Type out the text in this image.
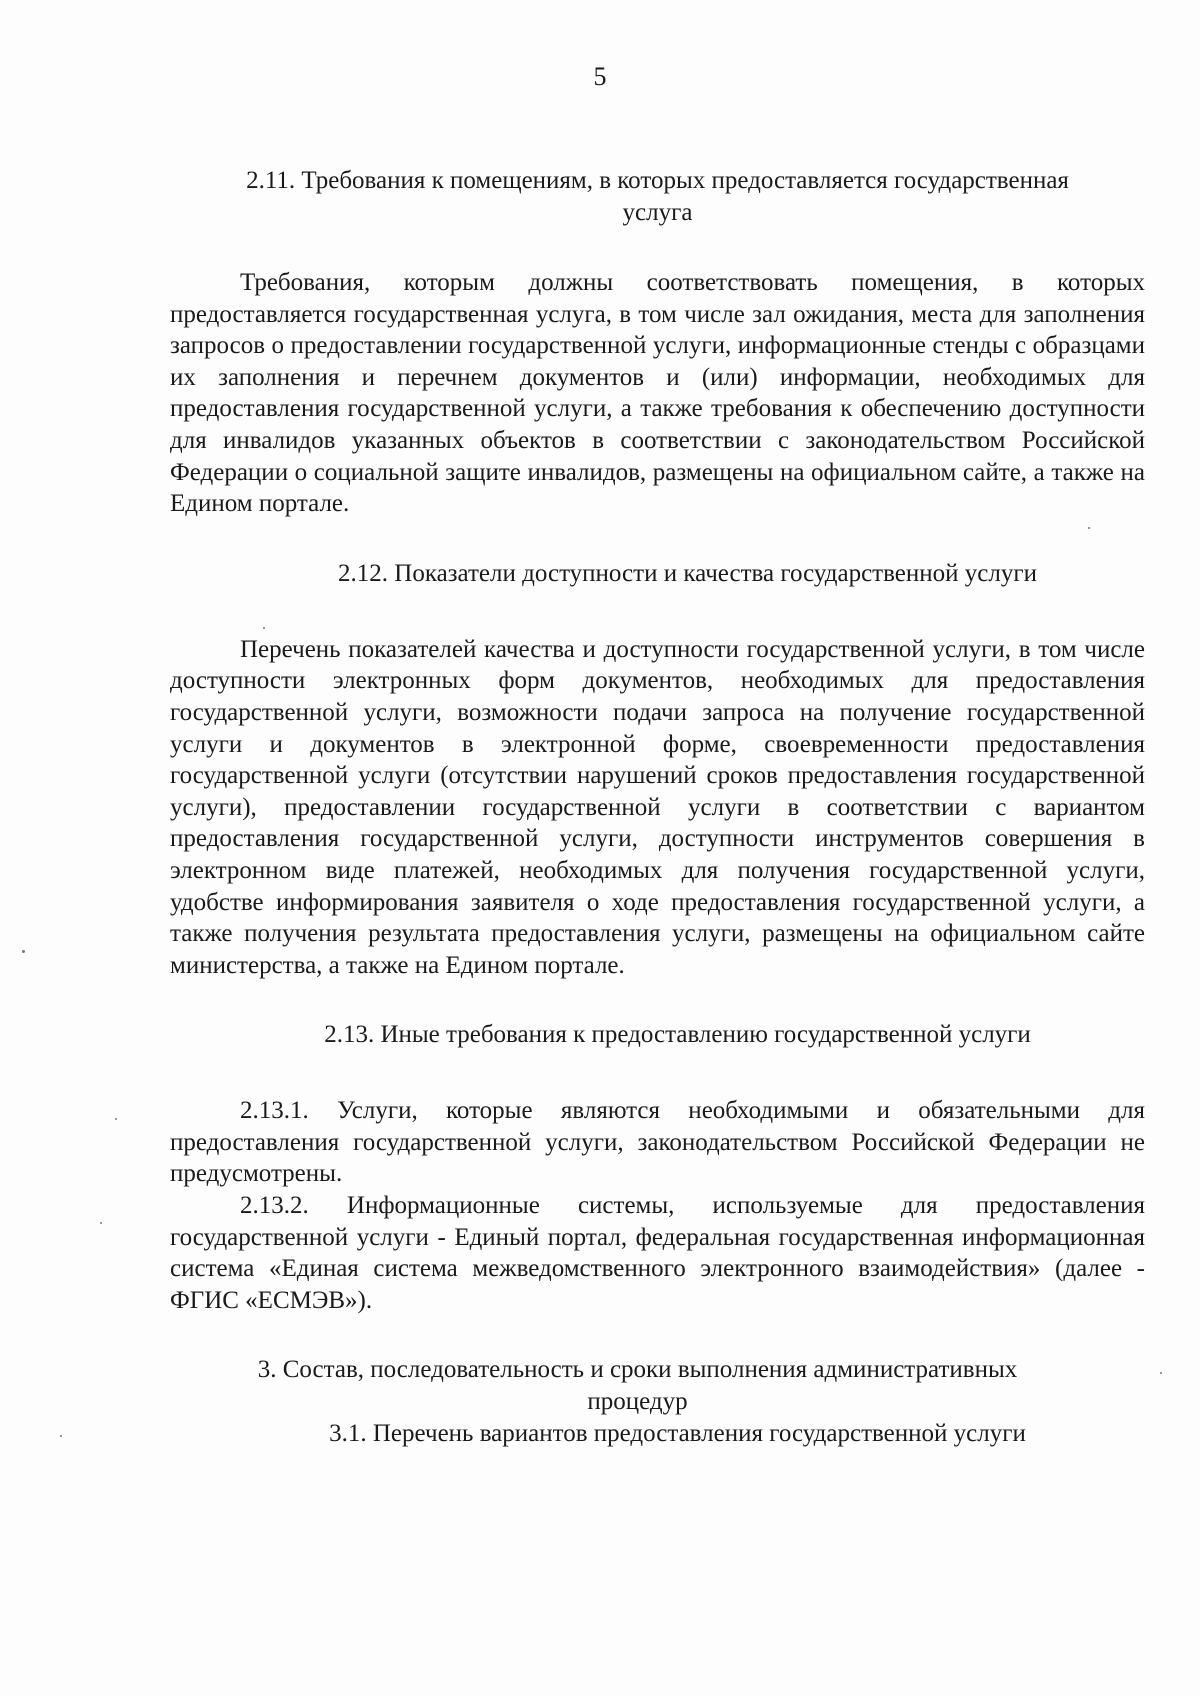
5

2.11. Требования к помещениям, в которых предоставляется государственная услуга

Требования, которым должны соответствовать помещения, в которых предоставляется государственная услуга, в том числе зал ожидания, места для заполнения запросов о предоставлении государственной услуги, информационные стенды с образцами их заполнения и перечнем документов и (или) информации, необходимых для предоставления государственной услуги, а также требования к обеспечению доступности для инвалидов указанных объектов в соответствии с законодательством Российской Федерации о социальной защите инвалидов, размещены на официальном сайте, а также на Едином портале.

2.12. Показатели доступности и качества государственной услуги

Перечень показателей качества и доступности государственной услуги, в том числе доступности электронных форм документов, необходимых для предоставления государственной услуги, возможности подачи запроса на получение государственной услуги и документов в электронной форме, своевременности предоставления государственной услуги (отсутствии нарушений сроков предоставления государственной услуги), предоставлении государственной услуги в соответствии с вариантом предоставления государственной услуги, доступности инструментов совершения в электронном виде платежей, необходимых для получения государственной услуги, удобстве информирования заявителя о ходе предоставления государственной услуги, а также получения результата предоставления услуги, размещены на официальном сайте министерства, а также на Едином портале.

2.13. Иные требования к предоставлению государственной услуги

2.13.1. Услуги, которые являются необходимыми и обязательными для предоставления государственной услуги, законодательством Российской Федерации не предусмотрены.

2.13.2. Информационные системы, используемые для предоставления государственной услуги - Единый портал, федеральная государственная информационная система «Единая система межведомственного электронного взаимодействия» (далее - ФГИС «ЕСМЭВ»).

3. Состав, последовательность и сроки выполнения административных процедур

3.1. Перечень вариантов предоставления государственной услуги
